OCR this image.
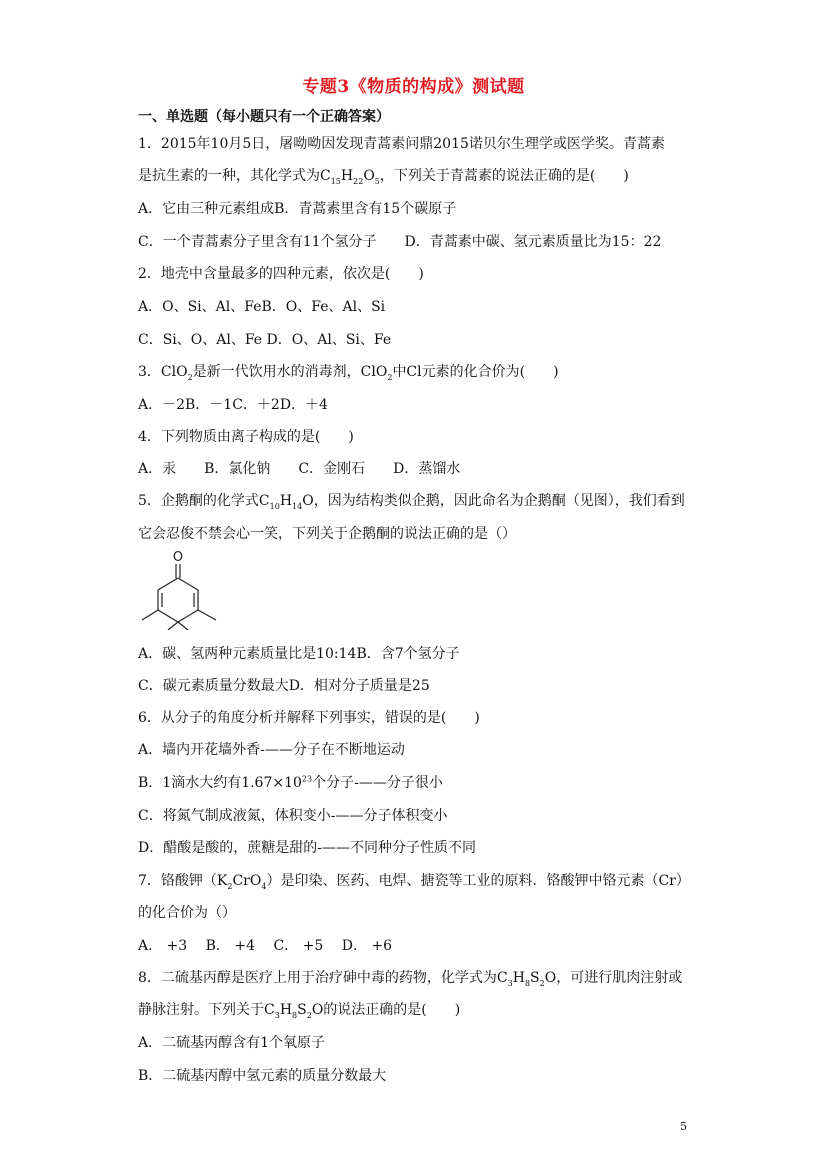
专题3《物质的构成》测试题
一、单选题（每小题只有一个正确答案）
1．2015年10月5日，屠呦呦因发现青蒿素问鼎2015诺贝尔生理学或医学奖。青蒿素
是抗生素的一种，其化学式为$C_{15}H_{22}O_5$，下列关于青蒿素的说法正确的是(　　)
A．它由三种元素组成B．青蒿素里含有15个碳原子
C．一个青蒿素分子里含有11个氢分子　　D．青蒿素中碳、氢元素质量比为15：22
2．地壳中含量最多的四种元素，依次是(　　)
A．O、Si、Al、FeB．O、Fe、Al、Si
C．Si、O、Al、Fe D．O、Al、Si、Fe
3．ClO$_2$是新一代饮用水的消毒剂，ClO$_2$中Cl元素的化合价为(　　)
A．－2B．－1C．＋2D．＋4
4．下列物质由离子构成的是(　　)
A．汞　　B．氯化钠　　C．金刚石　　D．蒸馏水
5．企鹅酮的化学式$C_{10}H_{14}O$，因为结构类似企鹅，因此命名为企鹅酮（见图），我们看到
它会忍俊不禁会心一笑，下列关于企鹅酮的说法正确的是（）
O
A．碳、氢两种元素质量比是10:14B．含7个氢分子
C．碳元素质量分数最大D．相对分子质量是25
6．从分子的角度分析并解释下列事实，错误的是(　　)
A．墙内开花墙外香-——分子在不断地运动
B．1滴水大约有$1.67\times 10^{23}$个分子-——分子很小
C．将氮气制成液氮，体积变小-——分子体积变小
D．醋酸是酸的，蔗糖是甜的-——不同种分子性质不同
7．铬酸钾$(K_2CrO_4)$是印染、医药、电焊、搪瓷等工业的原料．铬酸钾中铬元素（Cr）
的化合价为（）
A． +3　 B． +4　 C． +5　 D． +6
8．二硫基丙醇是医疗上用于治疗砷中毒的药物，化学式为$C_3H_8S_2O$，可进行肌肉注射或
静脉注射。下列关于$C_3H_8S_2O$的说法正确的是(　　)
A．二硫基丙醇含有1个氧原子
B．二硫基丙醇中氢元素的质量分数最大
5
